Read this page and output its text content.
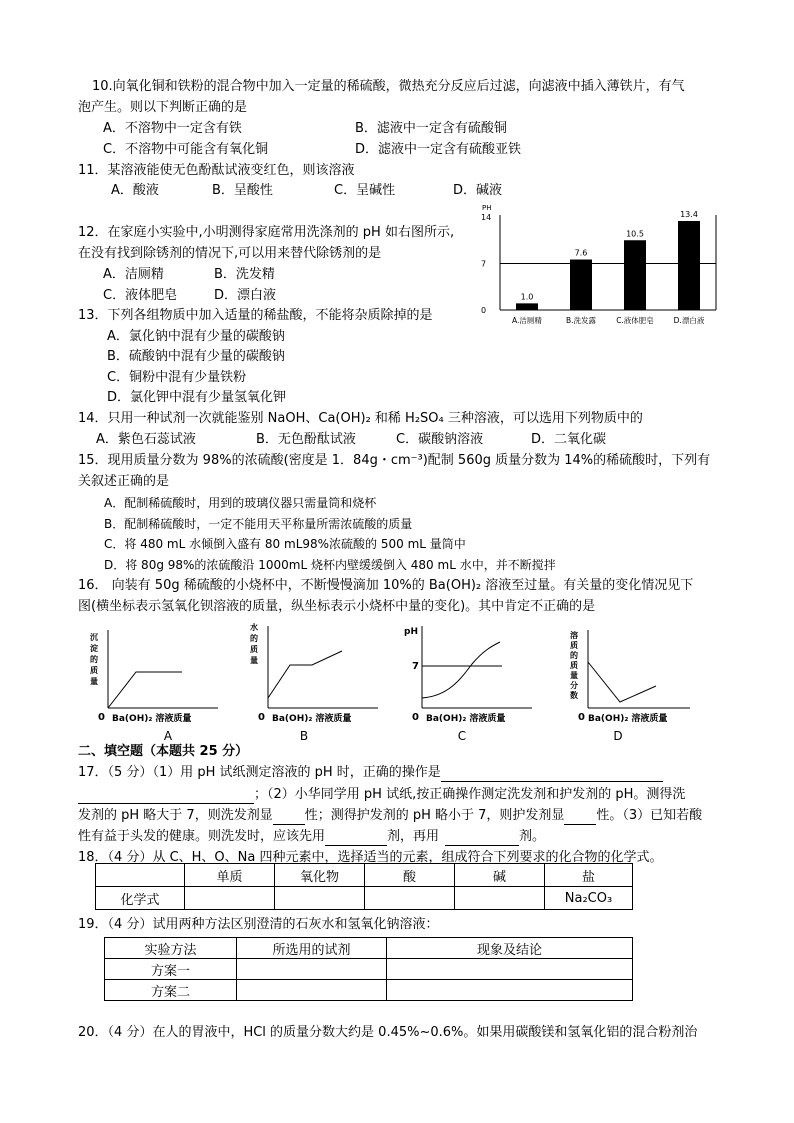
10.向氧化铜和铁粉的混合物中加入一定量的稀硫酸，微热充分反应后过滤，向滤液中插入薄铁片，有气
泡产生。则以下判断正确的是
A．不溶物中一定含有铁	B．滤液中一定含有硫酸铜
C．不溶物中可能含有氧化铜	D．滤液中一定含有硫酸亚铁
11．某溶液能使无色酚酞试液变红色，则该溶液
A．酸液	B．呈酸性	C．呈碱性	D．碱液
12．在家庭小实验中,小明测得家庭常用洗涤剂的 pH 如右图所示,
在没有找到除锈剂的情况下,可以用来替代除锈剂的是
A．洁厕精	B．洗发精
C．液体肥皂	D．漂白液
PH
0
7
14
1.0
A.洁厕精
7.6
B.洗发露
10.5
C.液体肥皂
13.4
D.漂白液
13．下列各组物质中加入适量的稀盐酸，不能将杂质除掉的是
A．氯化钠中混有少量的碳酸钠
B．硫酸钠中混有少量的碳酸钠
C．铜粉中混有少量铁粉
D．氯化钾中混有少量氢氧化钾
14．只用一种试剂一次就能鉴别 NaOH、Ca(OH)₂ 和稀 H₂SO₄ 三种溶液，可以选用下列物质中的
A．紫色石蕊试液	B．无色酚酞试液	C．碳酸钠溶液	D．二氧化碳
15．现用质量分数为 98%的浓硫酸(密度是 1．84g・cm⁻³)配制 560g 质量分数为 14%的稀硫酸时，下列有
关叙述正确的是
A．配制稀硫酸时，用到的玻璃仪器只需量筒和烧杯
B．配制稀硫酸时，一定不能用天平称量所需浓硫酸的质量
C．将 480 mL 水倾倒入盛有 80 mL98%浓硫酸的 500 mL 量筒中
D．将 80g 98%的浓硫酸沿 1000mL 烧杯内壁缓缓倒入 480 mL 水中，并不断搅拌
16． 向装有 50g 稀硫酸的小烧杯中，不断慢慢滴加 10%的 Ba(OH)₂ 溶液至过量。有关量的变化情况见下
图(横坐标表示氢氧化钡溶液的质量，纵坐标表示小烧杯中量的变化)。其中肯定不正确的是
沉
淀
的
质
量
0 Ba(OH)₂ 溶液质量
A
水
的
质
量
0 Ba(OH)₂ 溶液质量
B
pH
7
0 Ba(OH)₂ 溶液质量
C
溶
质
的
质
量
分
数
0 Ba(OH)₂ 溶液质量
D
二、填空题（本题共 25 分）
17．（5 分）（1）用 pH 试纸测定溶液的 pH 时，正确的操作是
；（2）小华同学用 pH 试纸,按正确操作测定洗发剂和护发剂的 pH。测得洗
发剂的 pH 略大于 7，则洗发剂显 性；测得护发剂的 pH 略小于 7，则护发剂显 性。（3）已知若酸
性有益于头发的健康。则洗发时，应该先用	剂，再用	剂。
18．（4 分）从 C、H、O、Na 四种元素中，选择适当的元素，组成符合下列要求的化合物的化学式。
	单质	氧化物	酸	碱	盐
化学式					Na₂CO₃
19．（4 分）试用两种方法区别澄清的石灰水和氢氧化钠溶液：
实验方法	所选用的试剂	现象及结论
方案一		
方案二		
20．（4 分）在人的胃液中，HCl 的质量分数大约是 0.45%~0.6%。如果用碳酸镁和氢氧化铝的混合粉剂治
